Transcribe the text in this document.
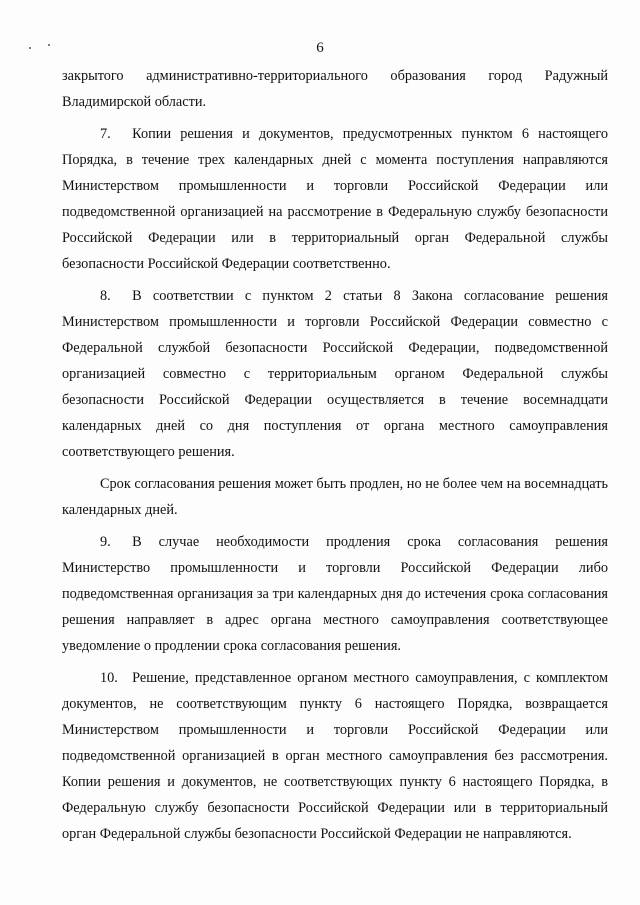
6

закрытого административно-территориального образования город Радужный Владимирской области.

7.  Копии решения и документов, предусмотренных пунктом 6 настоящего Порядка, в течение трех календарных дней с момента поступления направляются Министерством промышленности и торговли Российской Федерации или подведомственной организацией на рассмотрение в Федеральную службу безопасности Российской Федерации или в территориальный орган Федеральной службы безопасности Российской Федерации соответственно.

8.  В соответствии с пунктом 2 статьи 8 Закона согласование решения Министерством промышленности и торговли Российской Федерации совместно с Федеральной службой безопасности Российской Федерации, подведомственной организацией совместно с территориальным органом Федеральной службы безопасности Российской Федерации осуществляется в течение восемнадцати календарных дней со дня поступления от органа местного самоуправления соответствующего решения.

Срок согласования решения может быть продлен, но не более чем на восемнадцать календарных дней.

9.  В случае необходимости продления срока согласования решения Министерство промышленности и торговли Российской Федерации либо подведомственная организация за три календарных дня до истечения срока согласования решения направляет в адрес органа местного самоуправления соответствующее уведомление о продлении срока согласования решения.

10. Решение, представленное органом местного самоуправления, с комплектом документов, не соответствующим пункту 6 настоящего Порядка, возвращается Министерством промышленности и торговли Российской Федерации или подведомственной организацией в орган местного самоуправления без рассмотрения. Копии решения и документов, не соответствующих пункту 6 настоящего Порядка, в Федеральную службу безопасности Российской Федерации или в территориальный орган Федеральной службы безопасности Российской Федерации не направляются.
